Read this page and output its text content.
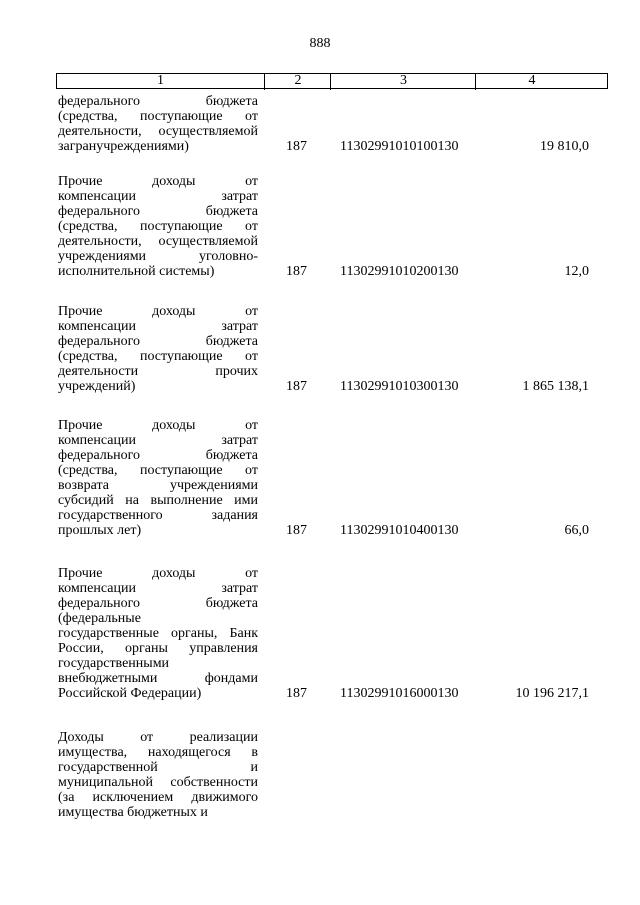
888
1	2	3	4
федерального бюджета
(средства, поступающие от
деятельности, осуществляемой
загранучреждениями)	187 11302991010100130	19 810,0
Прочие доходы от
компенсации затрат
федерального бюджета
(средства, поступающие от
деятельности, осуществляемой
учреждениями уголовно-
исполнительной системы)	187 11302991010200130	12,0
Прочие доходы от
компенсации затрат
федерального бюджета
(средства, поступающие от
деятельности прочих
учреждений)	187 11302991010300130	1 865 138,1
Прочие доходы от
компенсации затрат
федерального бюджета
(средства, поступающие от
возврата учреждениями
субсидий на выполнение ими
государственного задания
прошлых лет)	187 11302991010400130	66,0
Прочие доходы от
компенсации затрат
федерального бюджета
(федеральные
государственные органы, Банк
России, органы управления
государственными
внебюджетными фондами
Российской Федерации)	187 11302991016000130	10 196 217,1
Доходы от реализации
имущества, находящегося в
государственной и
муниципальной собственности
(за исключением движимого
имущества бюджетных и
